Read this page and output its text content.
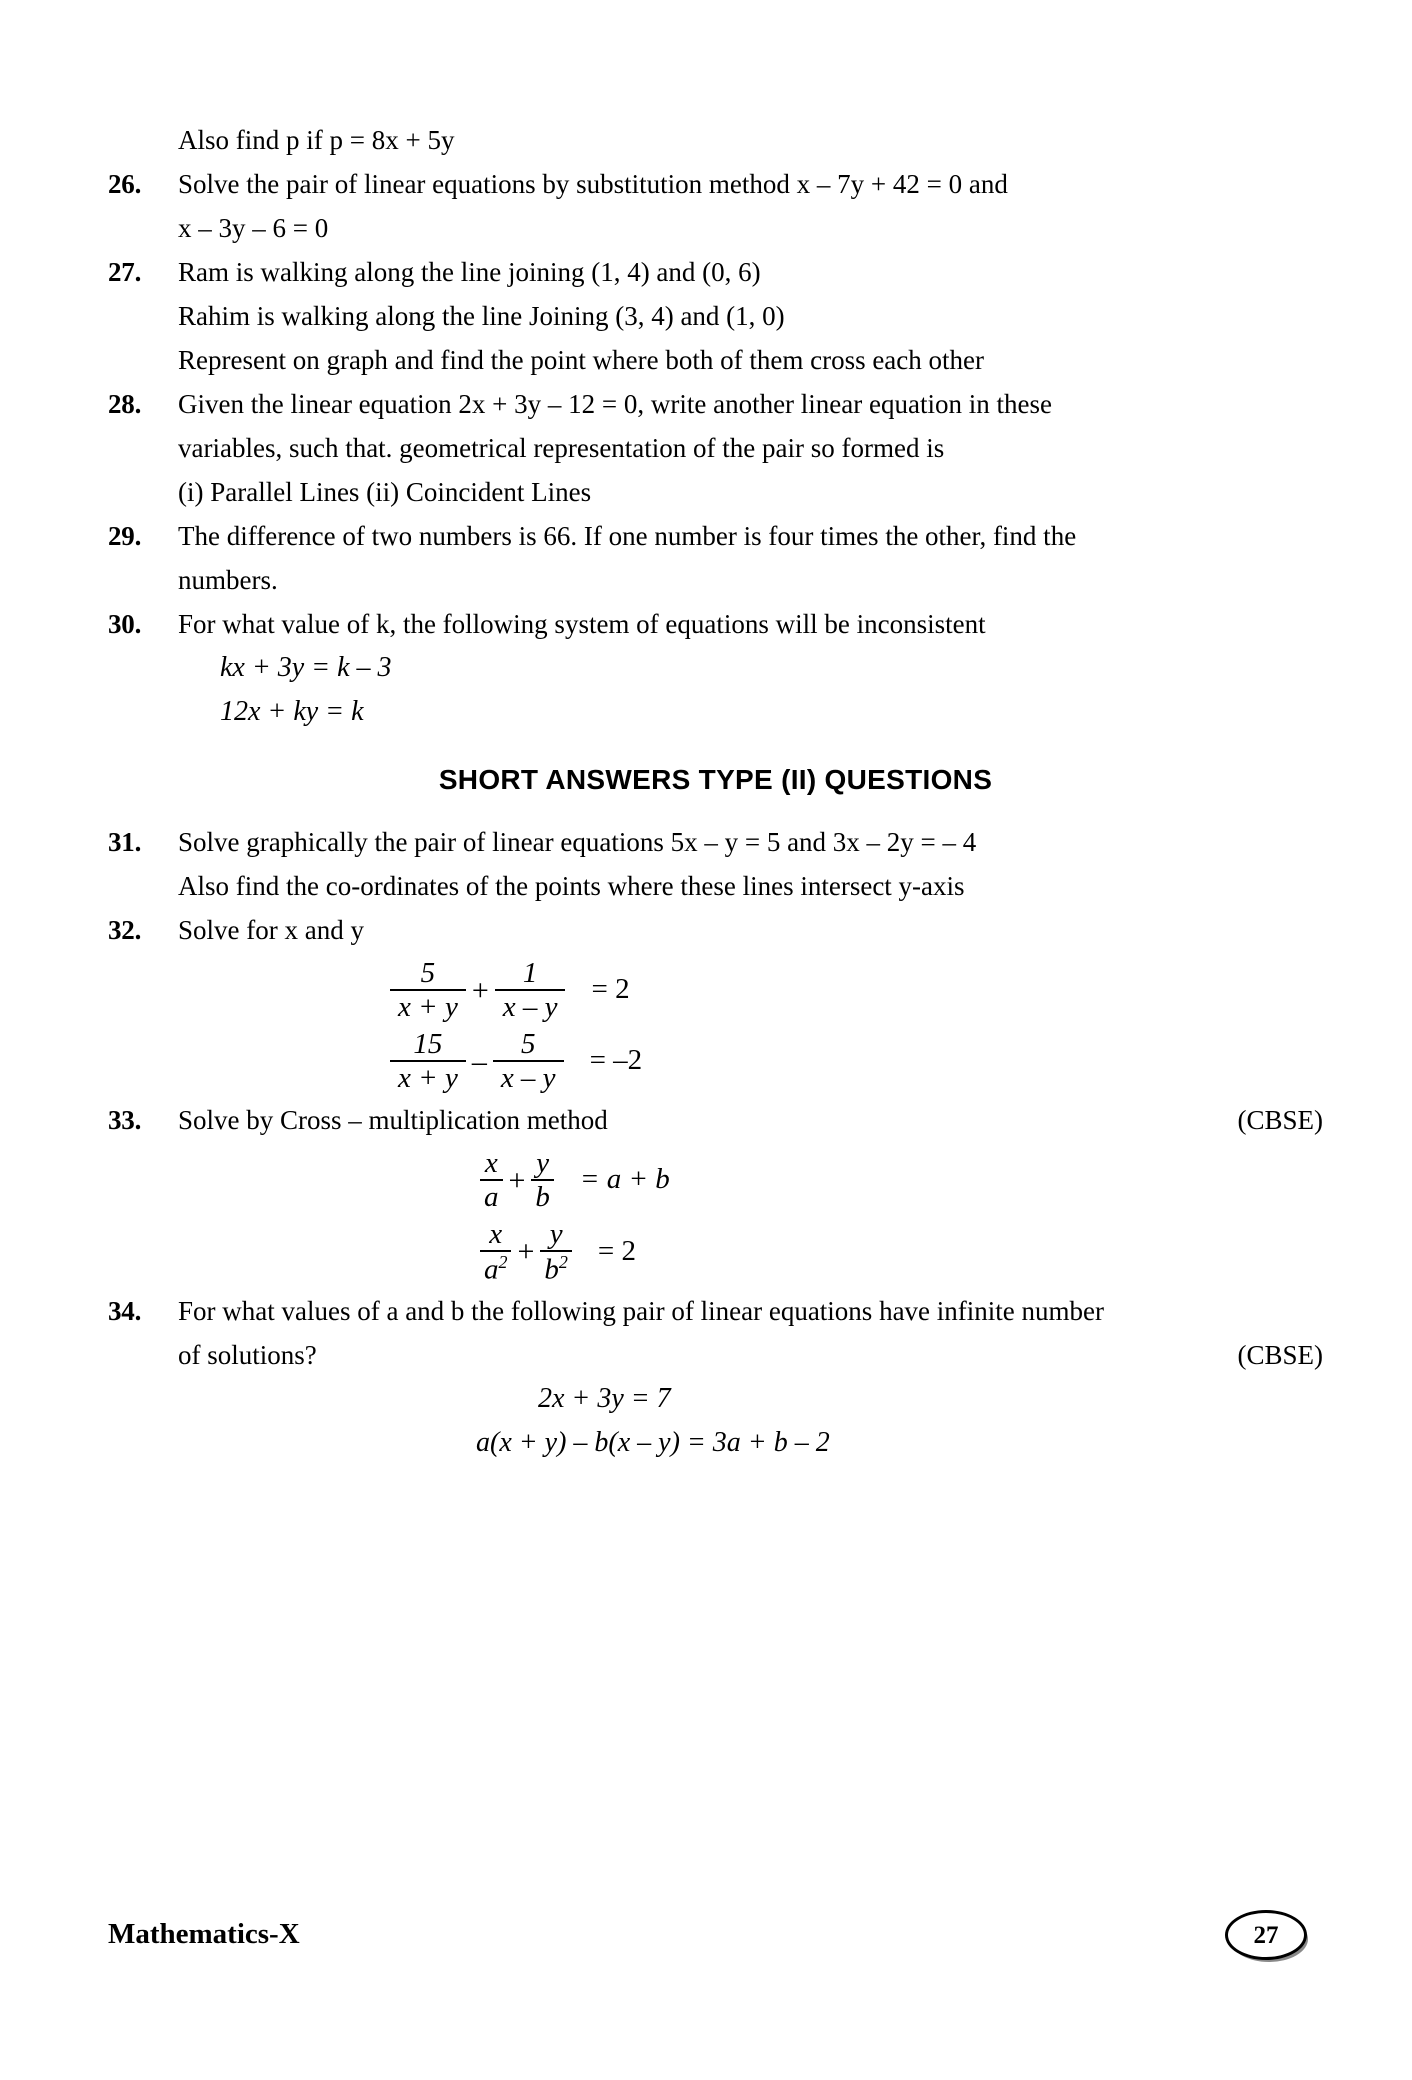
Also find p if p = 8x + 5y
26.	Solve the pair of linear equations by substitution method x – 7y + 42 = 0 and
x – 3y – 6 = 0
27.	Ram is walking along the line joining (1, 4) and (0, 6)
Rahim is walking along the line Joining (3, 4) and (1, 0)
Represent on graph and find the point where both of them cross each other
28.	Given the linear equation 2x + 3y – 12 = 0, write another linear equation in these
variables, such that. geometrical representation of the pair so formed is
(i) Parallel Lines (ii) Coincident Lines
29.	The difference of two numbers is 66. If one number is four times the other, find the
numbers.
30.	For what value of k, the following system of equations will be inconsistent
kx + 3y = k – 3
12x + ky = k
SHORT ANSWERS TYPE (II) QUESTIONS
31.	Solve graphically the pair of linear equations 5x – y = 5 and 3x – 2y = – 4
Also find the co-ordinates of the points where these lines intersect y-axis
32.	Solve for x and y
$\frac{5}{x + y} + \frac{1}{x - y} = 2$
$\frac{15}{x + y} - \frac{5}{x - y} = -2$
33.	(CBSE)
Solve by Cross – multiplication method
$\frac{x}{a} + \frac{y}{b} = a + b$
$\frac{x}{a^2} + \frac{y}{b^2} = 2$
34.	For what values of a and b the following pair of linear equations have infinite number
(CBSE)
of solutions?
2x + 3y = 7
a(x + y) – b(x – y) = 3a + b – 2
Mathematics-X	27
